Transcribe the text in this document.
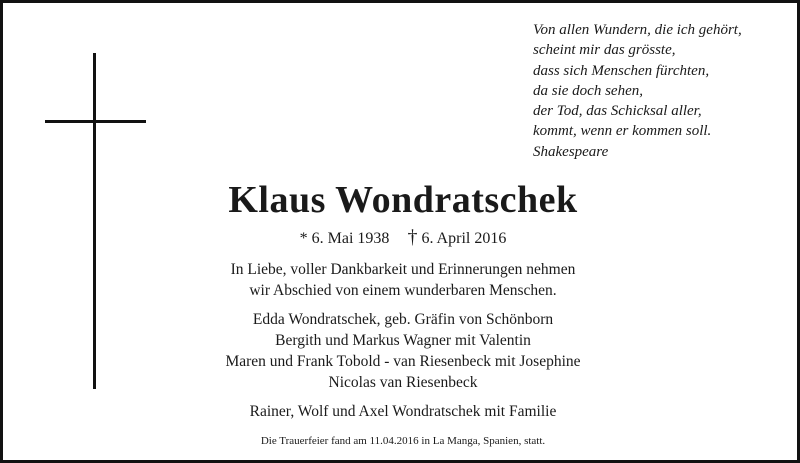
Von allen Wundern, die ich gehört,
scheint mir das grösste,
dass sich Menschen fürchten,
da sie doch sehen,
der Tod, das Schicksal aller,
kommt, wenn er kommen soll.
Shakespeare
Klaus Wondratschek
* 6. Mai 1938 † 6. April 2016
In Liebe, voller Dankbarkeit und Erinnerungen nehmen
wir Abschied von einem wunderbaren Menschen.
Edda Wondratschek, geb. Gräfin von Schönborn
Bergith und Markus Wagner mit Valentin
Maren und Frank Tobold - van Riesenbeck mit Josephine
Nicolas van Riesenbeck
Rainer, Wolf und Axel Wondratschek mit Familie
Die Trauerfeier fand am 11.04.2016 in La Manga, Spanien, statt.
